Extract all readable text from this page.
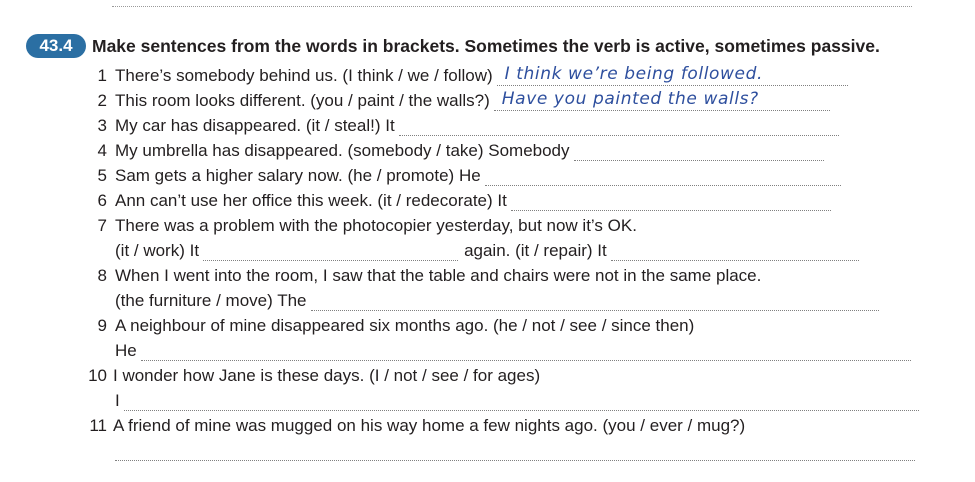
43.4	Make sentences from the words in brackets. Sometimes the verb is active, sometimes passive.
1 There’s somebody behind us. (I think / we / follow) I think we’re being followed.
2 This room looks different. (you / paint / the walls?) Have you painted the walls?
3 My car has disappeared. (it / steal!) It
4 My umbrella has disappeared. (somebody / take) Somebody
5 Sam gets a higher salary now. (he / promote) He
6 Ann can’t use her office this week. (it / redecorate) It
7 There was a problem with the photocopier yesterday, but now it’s OK.
(it / work) It	again. (it / repair) It
8 When I went into the room, I saw that the table and chairs were not in the same place.
(the furniture / move) The
9 A neighbour of mine disappeared six months ago. (he / not / see / since then)
He
10 I wonder how Jane is these days. (I / not / see / for ages)
I
11 A friend of mine was mugged on his way home a few nights ago. (you / ever / mug?)
